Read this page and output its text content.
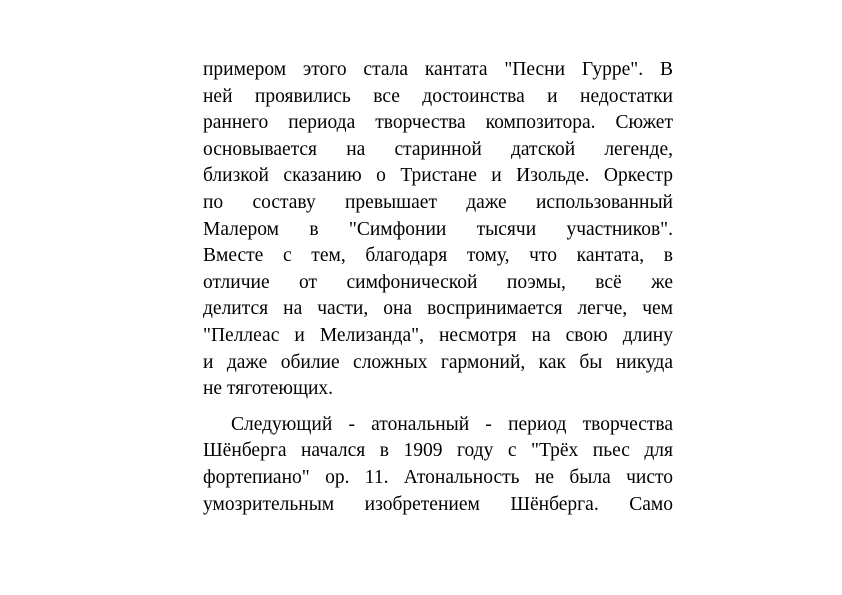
примером этого стала кантата "Песни Гурре". В
ней проявились все достоинства и недостатки
раннего периода творчества композитора. Сюжет
основывается на старинной датской легенде,
близкой сказанию о Тристане и Изольде. Оркестр
по составу превышает даже использованный
Малером в "Симфонии тысячи участников".
Вместе с тем, благодаря тому, что кантата, в
отличие от симфонической поэмы, всё же
делится на части, она воспринимается легче, чем
"Пеллеас и Мелизанда", несмотря на свою длину
и даже обилие сложных гармоний, как бы никуда
не тяготеющих.
Следующий - атональный - период творчества
Шёнберга начался в 1909 году с "Трёх пьес для
фортепиано" ор. 11. Атональность не была чисто
умозрительным изобретением Шёнберга. Само
